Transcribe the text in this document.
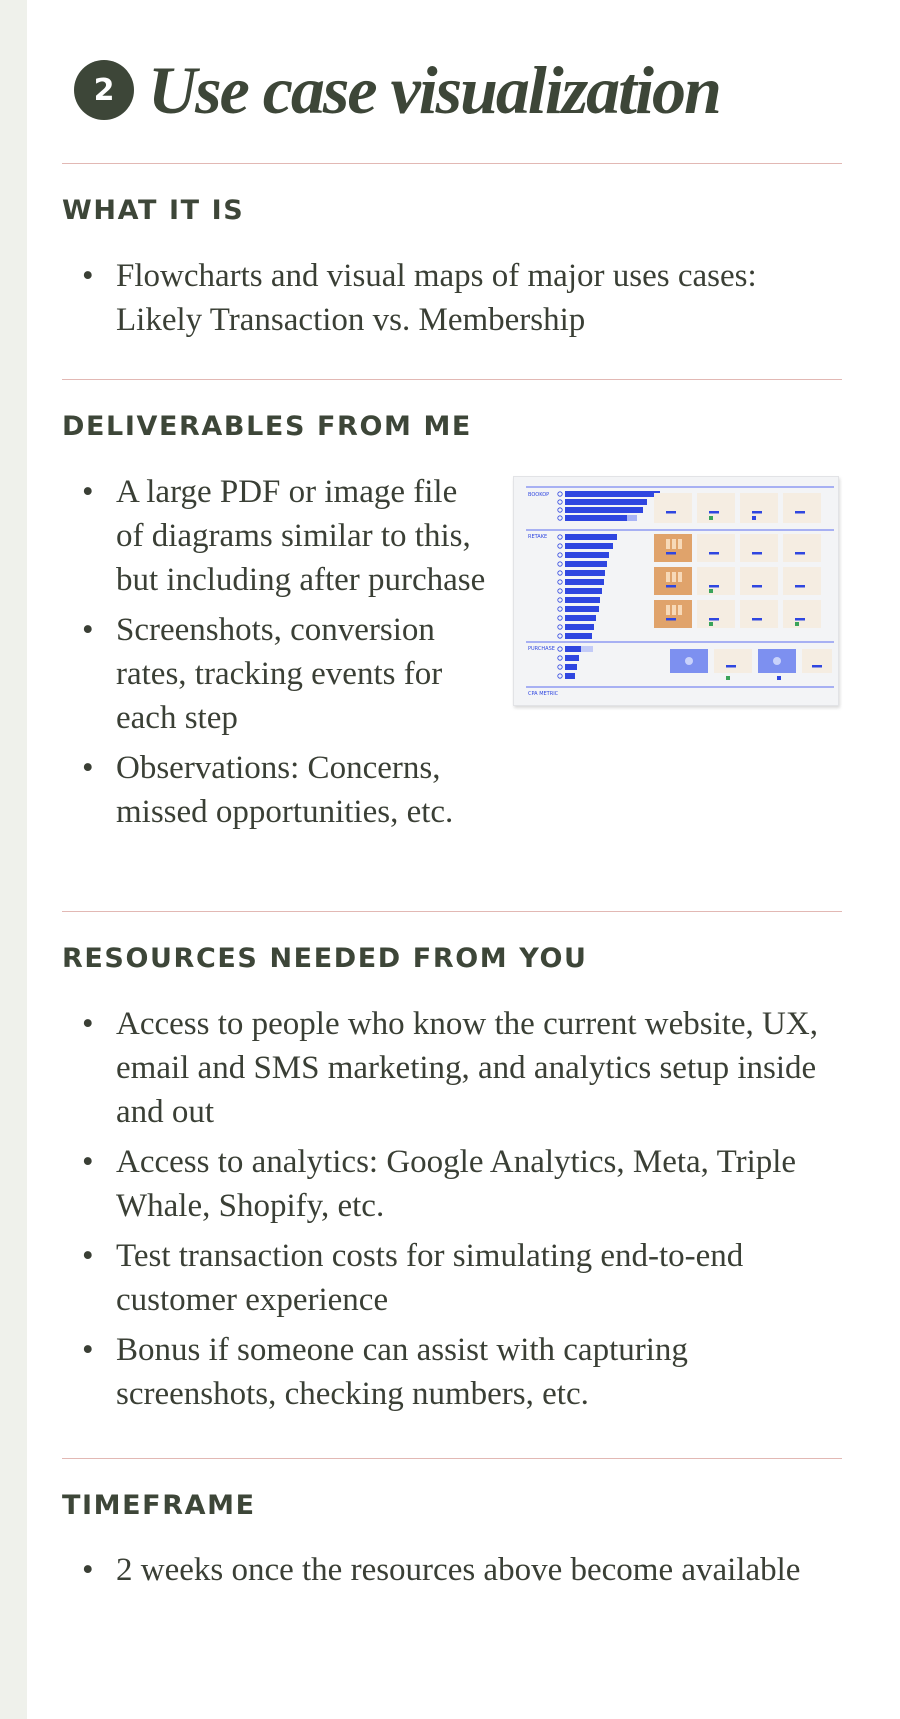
2 Use case visualization
WHAT IT IS
• Flowcharts and visual maps of major uses cases: Likely Transaction vs. Membership
DELIVERABLES FROM ME
• A large PDF or image file of diagrams similar to this, but including after purchase
• Screenshots, conversion rates, tracking events for each step
• Observations: Concerns, missed opportunities, etc.
BOOKOP
RETAKE
PURCHASE
CPA METRIC
RESOURCES NEEDED FROM YOU
• Access to people who know the current website, UX, email and SMS marketing, and analytics setup inside and out
• Access to analytics: Google Analytics, Meta, Triple Whale, Shopify, etc.
• Test transaction costs for simulating end-to-end customer experience
• Bonus if someone can assist with capturing screenshots, checking numbers, etc.
TIMEFRAME
• 2 weeks once the resources above become available
